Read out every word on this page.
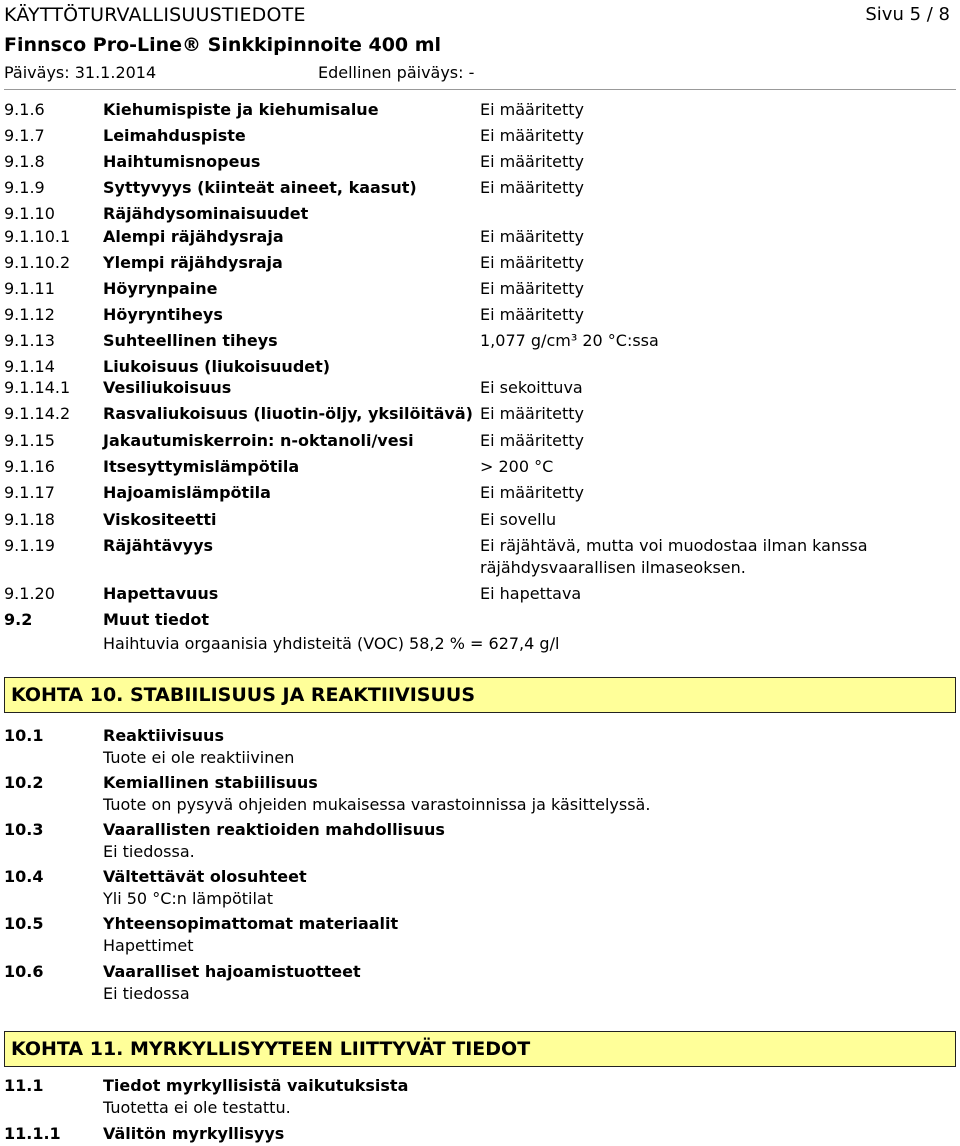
KÄYTTÖTURVALLISUUSTIEDOTE	Sivu 5 / 8
Finnsco Pro-Line® Sinkkipinnoite 400 ml
Päiväys: 31.1.2014	Edellinen päiväys: -
9.1.6	Kiehumispiste ja kiehumisalue	Ei määritetty
9.1.7	Leimahduspiste	Ei määritetty
9.1.8	Haihtumisnopeus	Ei määritetty
9.1.9	Syttyvyys (kiinteät aineet, kaasut)	Ei määritetty
9.1.10	Räjähdysominaisuudet
9.1.10.1 Alempi räjähdysraja	Ei määritetty
9.1.10.2 Ylempi räjähdysraja	Ei määritetty
9.1.11	Höyrynpaine	Ei määritetty
9.1.12	Höyryntiheys	Ei määritetty
9.1.13	Suhteellinen tiheys	1,077 g/cm³ 20 °C:ssa
9.1.14	Liukoisuus (liukoisuudet)
9.1.14.1 Vesiliukoisuus	Ei sekoittuva
9.1.14.2 Rasvaliukoisuus (liuotin-öljy, yksilöitävä) Ei määritetty
9.1.15	Jakautumiskerroin: n-oktanoli/vesi	Ei määritetty
9.1.16	Itsesyttymislämpötila	> 200 °C
9.1.17	Hajoamislämpötila	Ei määritetty
9.1.18	Viskositeetti	Ei sovellu
9.1.19	Räjähtävyys	Ei räjähtävä, mutta voi muodostaa ilman kanssa
räjähdysvaarallisen ilmaseoksen.
9.1.20	Hapettavuus	Ei hapettava
9.2	Muut tiedot
Haihtuvia orgaanisia yhdisteitä (VOC) 58,2 % = 627,4 g/l
KOHTA 10. STABIILISUUS JA REAKTIIVISUUS
10.1	Reaktiivisuus
Tuote ei ole reaktiivinen
10.2	Kemiallinen stabiilisuus
Tuote on pysyvä ohjeiden mukaisessa varastoinnissa ja käsittelyssä.
10.3	Vaarallisten reaktioiden mahdollisuus
Ei tiedossa.
10.4	Vältettävät olosuhteet
Yli 50 °C:n lämpötilat
10.5	Yhteensopimattomat materiaalit
Hapettimet
10.6	Vaaralliset hajoamistuotteet
Ei tiedossa
KOHTA 11. MYRKYLLISYYTEEN LIITTYVÄT TIEDOT
11.1	Tiedot myrkyllisistä vaikutuksista
Tuotetta ei ole testattu.
11.1.1	Välitön myrkyllisyys
